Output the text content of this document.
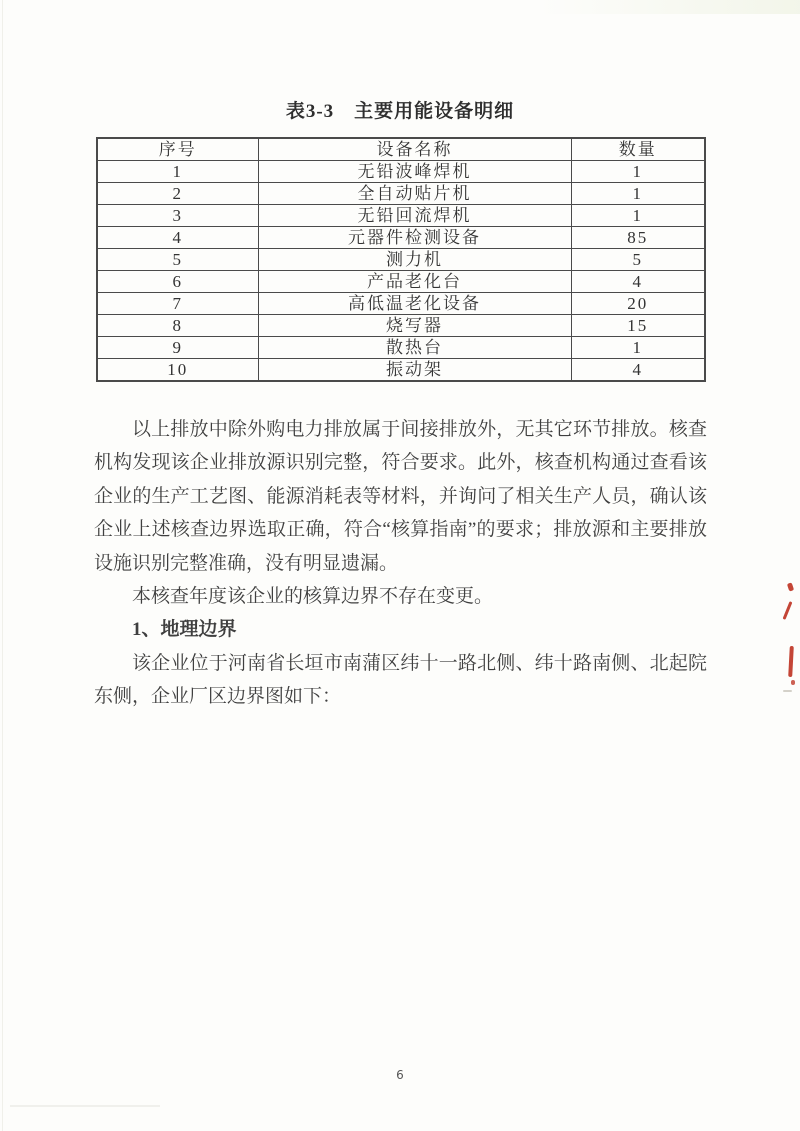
表3-3　主要用能设备明细
序号	设备名称	数量
1	无铅波峰焊机	1
2	全自动贴片机	1
3	无铅回流焊机	1
4	元器件检测设备	85
5	测力机	5
6	产品老化台	4
7	高低温老化设备	20
8	烧写器	15
9	散热台	1
10	振动架	4

以上排放中除外购电力排放属于间接排放外，无其它环节排放。核查机构发现该企业排放源识别完整，符合要求。此外，核查机构通过查看该企业的生产工艺图、能源消耗表等材料，并询问了相关生产人员，确认该企业上述核查边界选取正确，符合“核算指南”的要求；排放源和主要排放设施识别完整准确，没有明显遗漏。

本核查年度该企业的核算边界不存在变更。

1、地理边界

该企业位于河南省长垣市南蒲区纬十一路北侧、纬十路南侧、北起院东侧，企业厂区边界图如下：

6
